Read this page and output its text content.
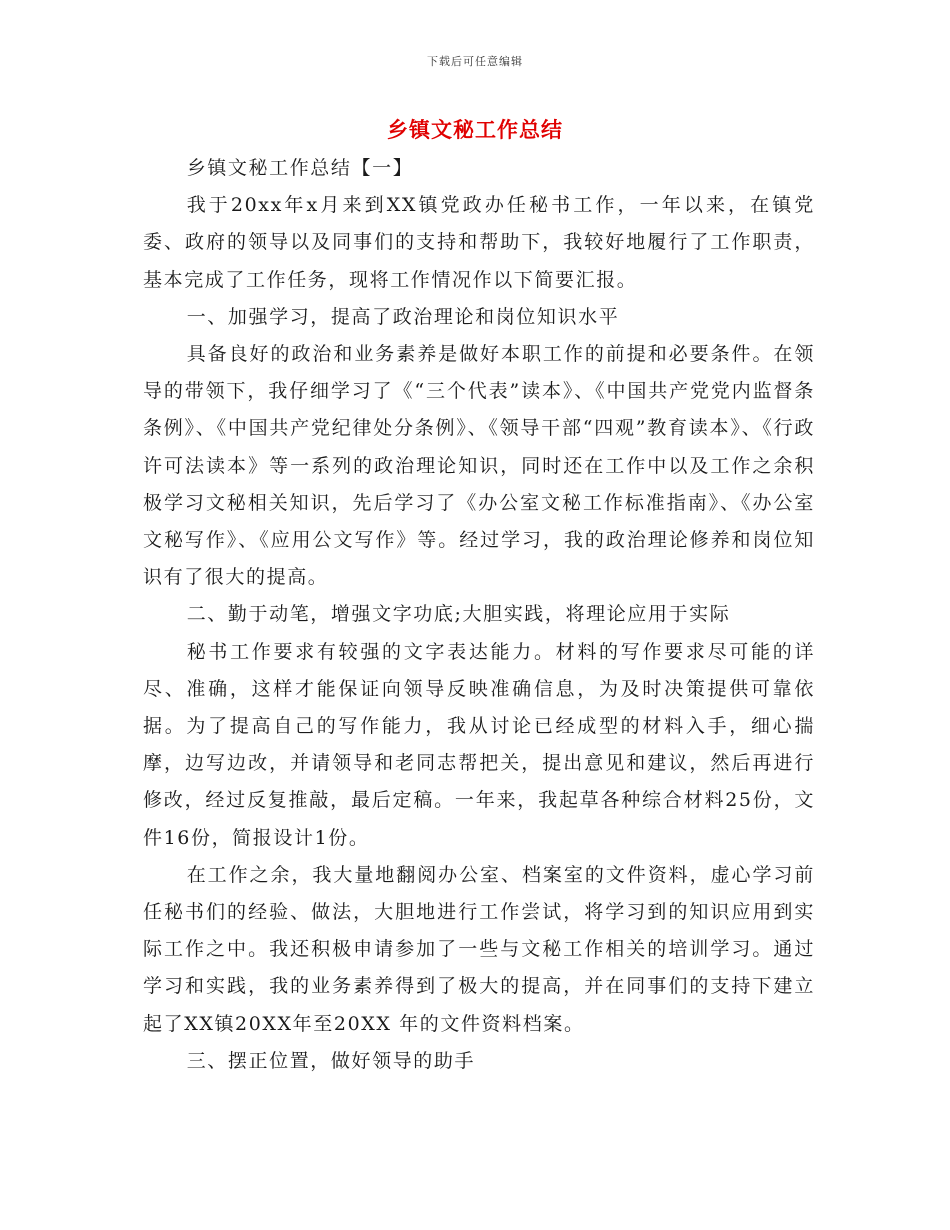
下载后可任意编辑
乡镇文秘工作总结

乡镇文秘工作总结【一】

我于20xx年x月来到XX镇党政办任秘书工作，一年以来，在镇党委、政府的领导以及同事们的支持和帮助下，我较好地履行了工作职责，基本完成了工作任务，现将工作情况作以下简要汇报。

一、加强学习，提高了政治理论和岗位知识水平

具备良好的政治和业务素养是做好本职工作的前提和必要条件。在领导的带领下，我仔细学习了《“三个代表”读本》、《中国共产党党内监督条条例》、《中国共产党纪律处分条例》、《领导干部“四观”教育读本》、《行政许可法读本》等一系列的政治理论知识，同时还在工作中以及工作之余积极学习文秘相关知识，先后学习了《办公室文秘工作标准指南》、《办公室文秘写作》、《应用公文写作》等。经过学习，我的政治理论修养和岗位知识有了很大的提高。

二、勤于动笔，增强文字功底;大胆实践，将理论应用于实际

秘书工作要求有较强的文字表达能力。材料的写作要求尽可能的详尽、准确，这样才能保证向领导反映准确信息，为及时决策提供可靠依据。为了提高自己的写作能力，我从讨论已经成型的材料入手，细心揣摩，边写边改，并请领导和老同志帮把关，提出意见和建议，然后再进行修改，经过反复推敲，最后定稿。一年来，我起草各种综合材料25份，文件16份，简报设计1份。

在工作之余，我大量地翻阅办公室、档案室的文件资料，虚心学习前任秘书们的经验、做法，大胆地进行工作尝试，将学习到的知识应用到实际工作之中。我还积极申请参加了一些与文秘工作相关的培训学习。通过学习和实践，我的业务素养得到了极大的提高，并在同事们的支持下建立起了XX镇20XX年至20XX 年的文件资料档案。

三、摆正位置，做好领导的助手
